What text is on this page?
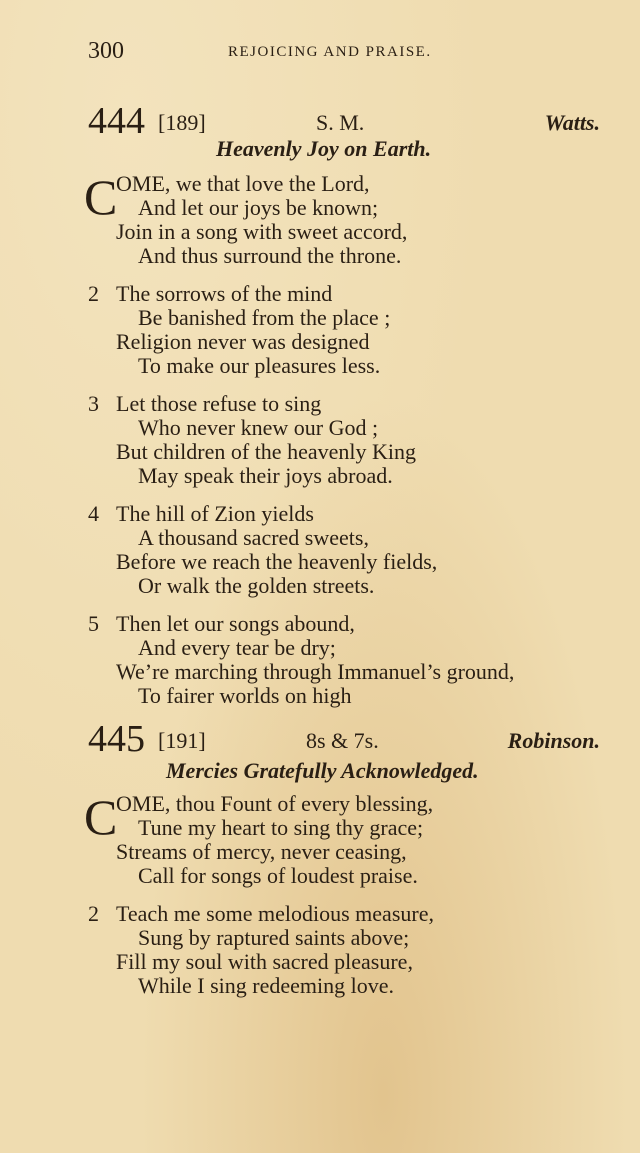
300	REJOICING AND PRAISE.
444 [189]	S. M.	Watts.
Heavenly Joy on Earth.
C
OME, we that love the Lord,
And let our joys be known;
Join in a song with sweet accord,
And thus surround the throne.
2 The sorrows of the mind
Be banished from the place ;
Religion never was designed
To make our pleasures less.
3 Let those refuse to sing
Who never knew our God ;
But children of the heavenly King
May speak their joys abroad.
4 The hill of Zion yields
A thousand sacred sweets,
Before we reach the heavenly fields,
Or walk the golden streets.
5 Then let our songs abound,
And every tear be dry;
We’re marching through Immanuel’s ground,
To fairer worlds on high
445 [191]	8s & 7s.	Robinson.
Mercies Gratefully Acknowledged.
C
OME, thou Fount of every blessing,
Tune my heart to sing thy grace;
Streams of mercy, never ceasing,
Call for songs of loudest praise.
2 Teach me some melodious measure,
Sung by raptured saints above;
Fill my soul with sacred pleasure,
While I sing redeeming love.
